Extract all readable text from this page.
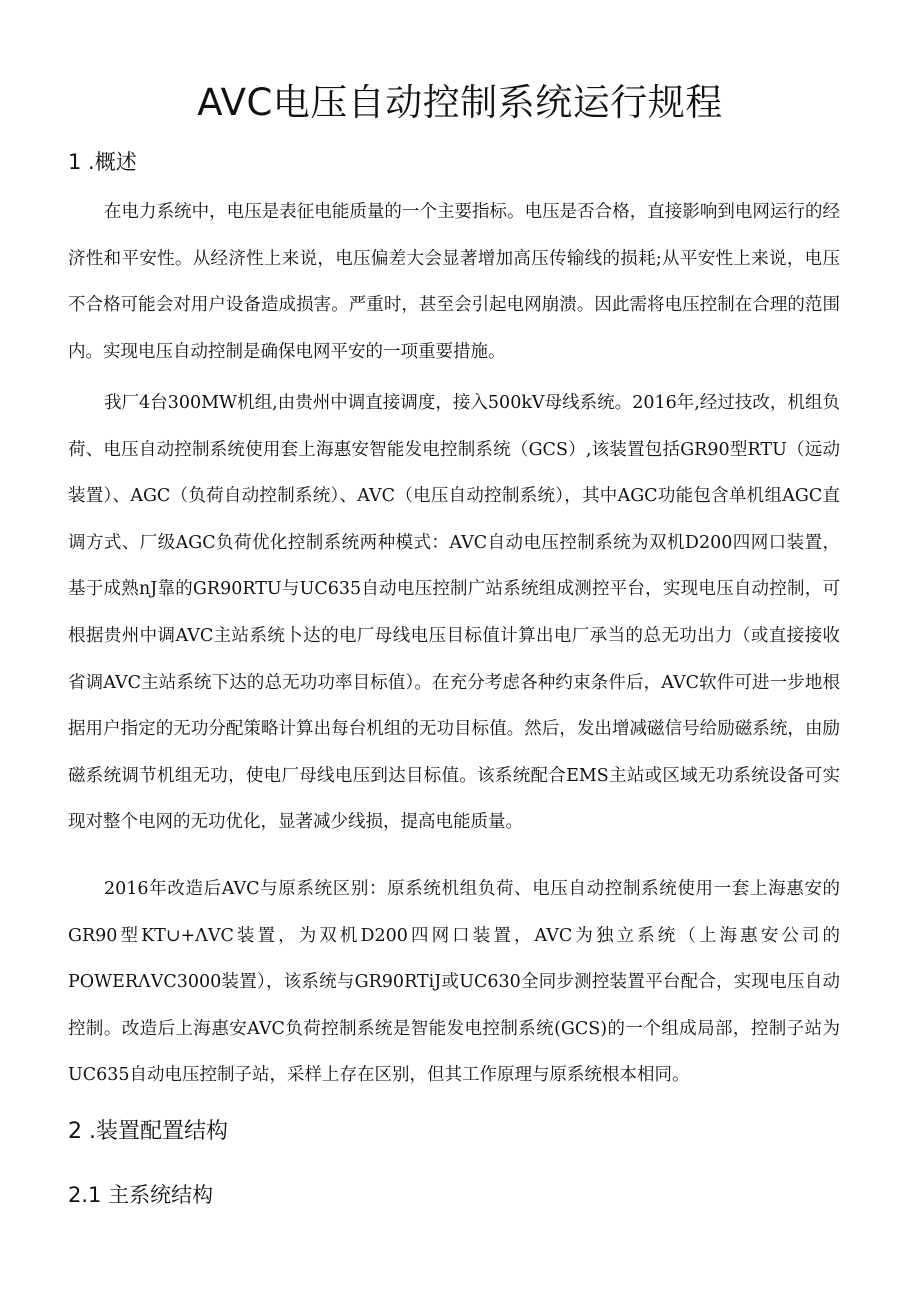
AVC电压自动控制系统运行规程
1 .概述

在电力系统中，电压是表征电能质量的一个主要指标。电压是否合格，直接影响到电网运行的经济性和平安性。从经济性上来说，电压偏差大会显著增加高压传输线的损耗;从平安性上来说，电压不合格可能会对用户设备造成损害。严重时，甚至会引起电网崩溃。因此需将电压控制在合理的范围内。实现电压自动控制是确保电网平安的一项重要措施。

我厂4台300MW机组,由贵州中调直接调度，接入500kV母线系统。2016年,经过技改，机组负荷、电压自动控制系统使用套上海惠安智能发电控制系统（GCS）,该装置包括GR90型RTU（远动装置）、AGC（负荷自动控制系统）、AVC（电压自动控制系统），其中AGC功能包含单机组AGC直调方式、厂级AGC负荷优化控制系统两种模式：AVC自动电压控制系统为双机D200四网口装置，基于成熟nJ靠的GR90RTU与UC635自动电压控制广站系统组成测控平台，实现电压自动控制，可根据贵州中调AVC主站系统卜达的电厂母线电压目标值计算出电厂承当的总无功出力（或直接接收省调AVC主站系统下达的总无功功率目标值）。在充分考虑各种约束条件后，AVC软件可进一步地根据用户指定的无功分配策略计算出每台机组的无功目标值。然后，发出增减磁信号给励磁系统，由励磁系统调节机组无功，使电厂母线电压到达目标值。该系统配合EMS主站或区域无功系统设备可实现对整个电网的无功优化，显著减少线损，提高电能质量。

2016年改造后AVC与原系统区别：原系统机组负荷、电压自动控制系统使用一套上海惠安的GR90型KT∪+ΛVC装置，为双机D200四网口装置，AVC为独立系统（上海惠安公司的POWERΛVC3000装置），该系统与GR90RTiJ或UC630全同步测控装置平台配合，实现电压自动控制。改造后上海惠安AVC负荷控制系统是智能发电控制系统(GCS)的一个组成局部，控制子站为UC635自动电压控制子站，采样上存在区别，但其工作原理与原系统根本相同。

2 .装置配置结构
2.1 主系统结构
